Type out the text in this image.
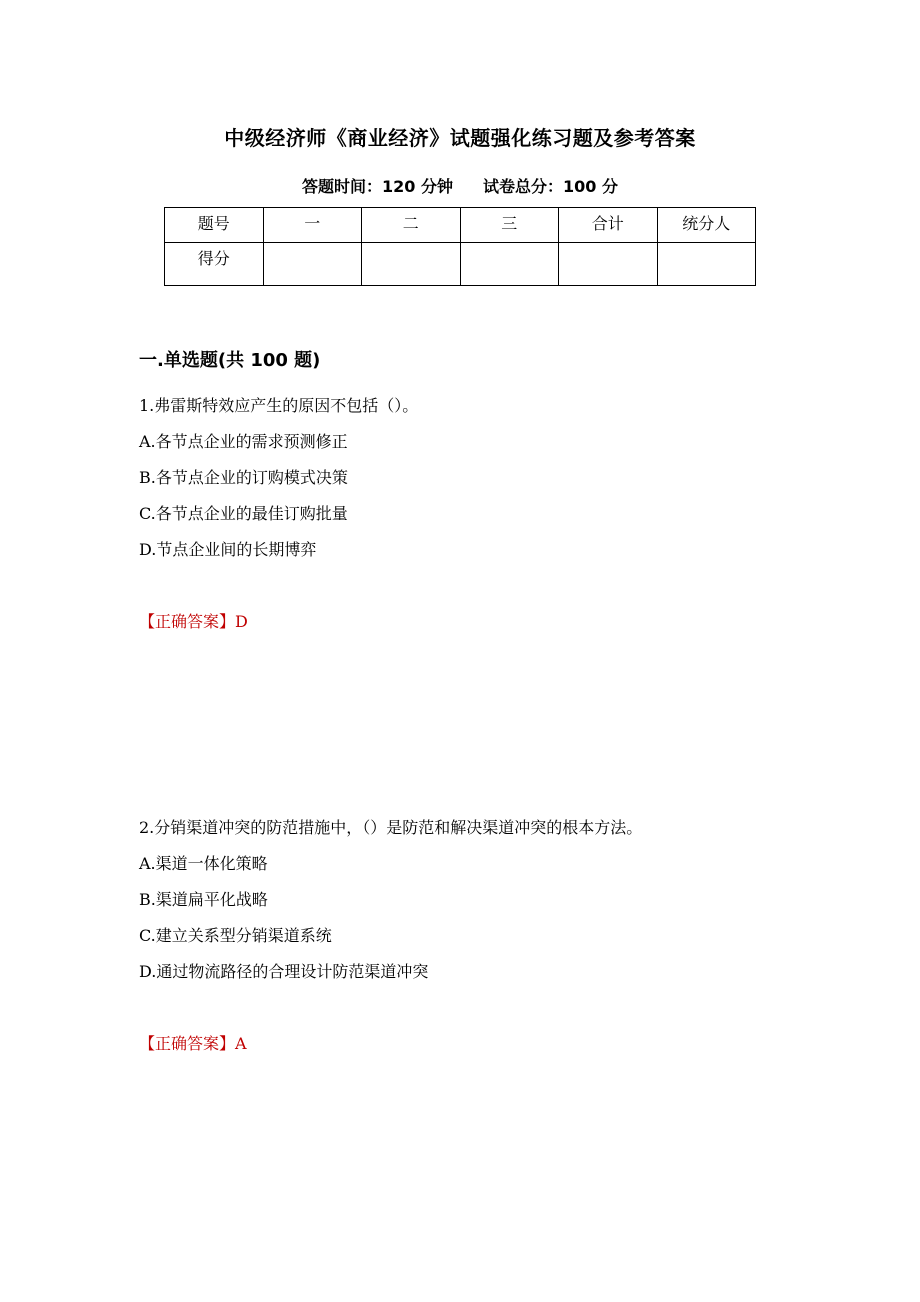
中级经济师《商业经济》试题强化练习题及参考答案
答题时间：120 分钟 试卷总分：100 分
题号	一	二	三	合计	统分人
得分					
一.单选题(共 100 题)
1.弗雷斯特效应产生的原因不包括（）。
A.各节点企业的需求预测修正
B.各节点企业的订购模式决策
C.各节点企业的最佳订购批量
D.节点企业间的长期博弈
【正确答案】D
2.分销渠道冲突的防范措施中，（）是防范和解决渠道冲突的根本方法。
A.渠道一体化策略
B.渠道扁平化战略
C.建立关系型分销渠道系统
D.通过物流路径的合理设计防范渠道冲突
【正确答案】A
